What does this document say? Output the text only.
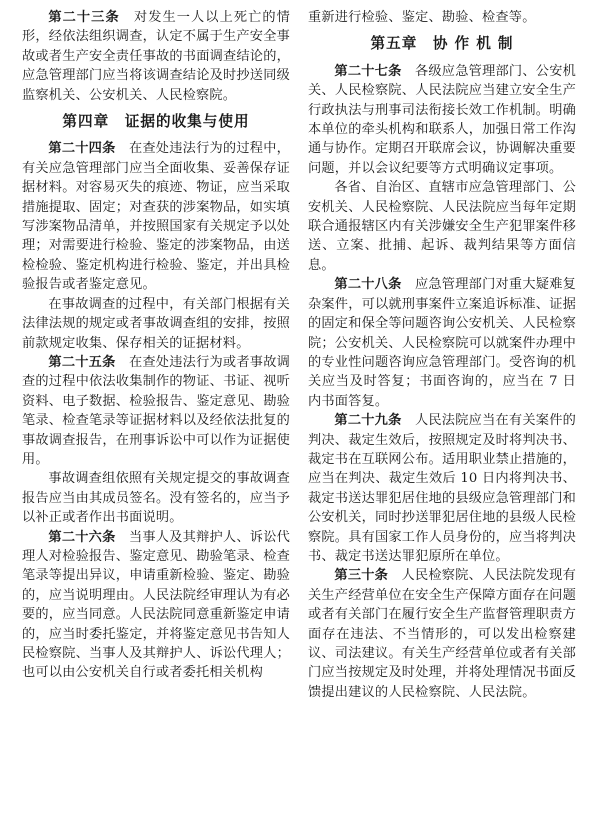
第二十三条　 对发生一人以上死亡的情形，经依法组织调查，认定不属于生产安全事故或者生产安全责任事故的书面调查结论的，应急管理部门应当将该调查结论及时抄送同级监察机关、公安机关、人民检察院。

第四章　证据的收集与使用

第二十四条　 在查处违法行为的过程中，有关应急管理部门应当全面收集、妥善保存证据材料。对容易灭失的痕迹、物证，应当采取措施提取、固定；对查获的涉案物品，如实填写涉案物品清单，并按照国家有关规定予以处理；对需要进行检验、鉴定的涉案物品，由送检检验、鉴定机构进行检验、鉴定，并出具检验报告或者鉴定意见。

在事故调查的过程中，有关部门根据有关法律法规的规定或者事故调查组的安排，按照前款规定收集、保存相关的证据材料。

第二十五条　 在查处违法行为或者事故调查的过程中依法收集制作的物证、书证、视听资料、电子数据、检验报告、鉴定意见、勘验笔录、检查笔录等证据材料以及经依法批复的事故调查报告，在刑事诉讼中可以作为证据使用。

事故调查组依照有关规定提交的事故调查报告应当由其成员签名。没有签名的，应当予以补正或者作出书面说明。

第二十六条　 当事人及其辩护人、诉讼代理人对检验报告、鉴定意见、勘验笔录、检查笔录等提出异议，申请重新检验、鉴定、勘验的，应当说明理由。人民法院经审理认为有必要的，应当同意。人民法院同意重新鉴定申请的，应当时委托鉴定，并将鉴定意见书告知人民检察院、当事人及其辩护人、诉讼代理人；也可以由公安机关自行或者委托相关机构

重新进行检验、鉴定、勘验、检查等。

第五章　协 作 机 制

第二十七条　 各级应急管理部门、公安机关、人民检察院、人民法院应当建立安全生产行政执法与刑事司法衔接长效工作机制。明确本单位的牵头机构和联系人，加强日常工作沟通与协作。定期召开联席会议，协调解决重要问题，并以会议纪要等方式明确议定事项。

各省、自治区、直辖市应急管理部门、公安机关、人民检察院、人民法院应当每年定期联合通报辖区内有关涉嫌安全生产犯罪案件移送、立案、批捕、起诉、裁判结果等方面信息。

第二十八条　 应急管理部门对重大疑难复杂案件，可以就刑事案件立案追诉标准、证据的固定和保全等问题咨询公安机关、人民检察院；公安机关、人民检察院可以就案件办理中的专业性问题咨询应急管理部门。受咨询的机关应当及时答复；书面咨询的，应当在 7 日内书面答复。

第二十九条　 人民法院应当在有关案件的判决、裁定生效后，按照规定及时将判决书、裁定书在互联网公布。适用职业禁止措施的，应当在判决、裁定生效后 10 日内将判决书、裁定书送达罪犯居住地的县级应急管理部门和公安机关，同时抄送罪犯居住地的县级人民检察院。具有国家工作人员身份的，应当将判决书、裁定书送达罪犯原所在单位。

第三十条　 人民检察院、人民法院发现有关生产经营单位在安全生产保障方面存在问题或者有关部门在履行安全生产监督管理职责方面存在违法、不当情形的，可以发出检察建议、司法建议。有关生产经营单位或者有关部门应当按规定及时处理，并将处理情况书面反馈提出建议的人民检察院、人民法院。
